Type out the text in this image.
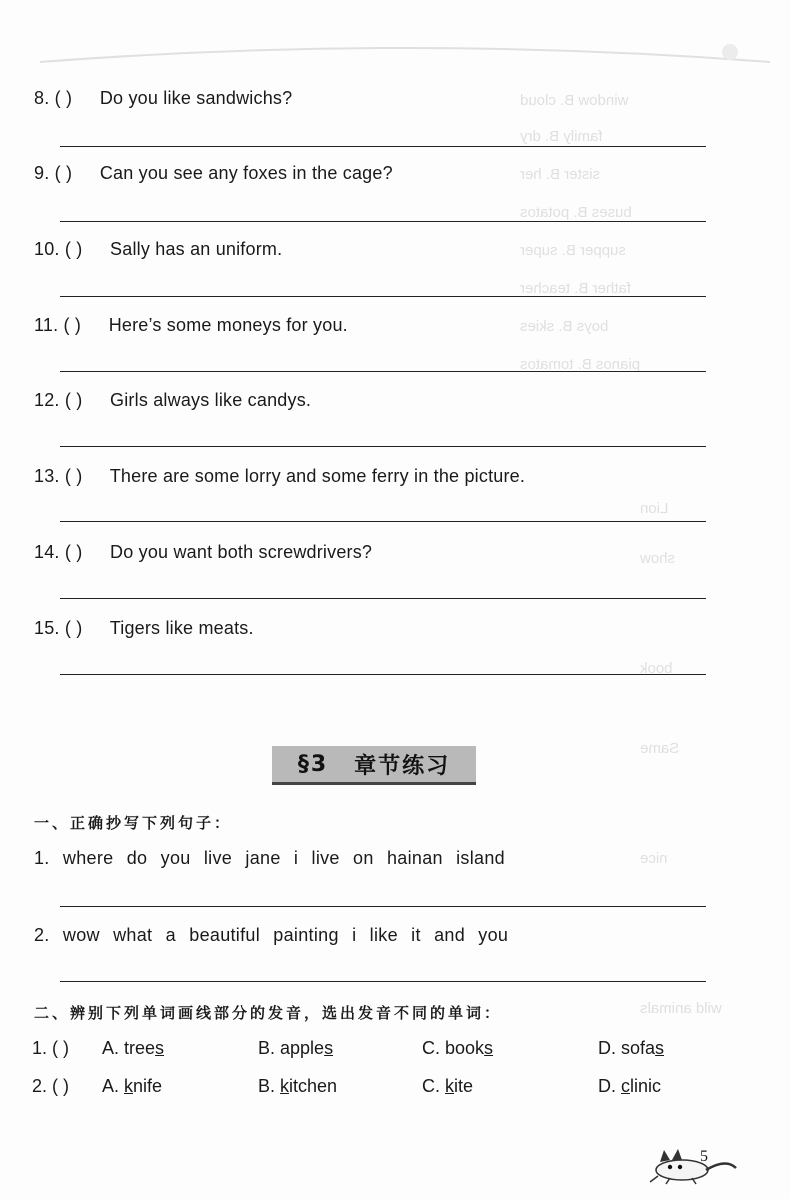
window B. cloud
family B. dry
sister B. her
buses B. potatos
supper B. super
father B. teacher
boys B. skies
pianos B. tomatos
Lion
show
book
Same
nice
wild animals
8. ( ) Do you like sandwichs?
9. ( ) Can you see any foxes in the cage?
10. ( ) Sally has an uniform.
11. ( ) Here’s some moneys for you.
12. ( ) Girls always like candys.
13. ( ) There are some lorry and some ferry in the picture.
14. ( ) Do you want both screwdrivers?
15. ( ) Tigers like meats.
§3 章节练习
一、正确抄写下列句子：
1. where do you live jane i live on hainan island
2. wow what a beautiful painting i like it and you
二、辨别下列单词画线部分的发音，选出发音不同的单词：
1. ( ) A. trees	B. apples	C. books	D. sofas
2. ( ) A. knife	B. kitchen	C. kite	D. clinic
5
